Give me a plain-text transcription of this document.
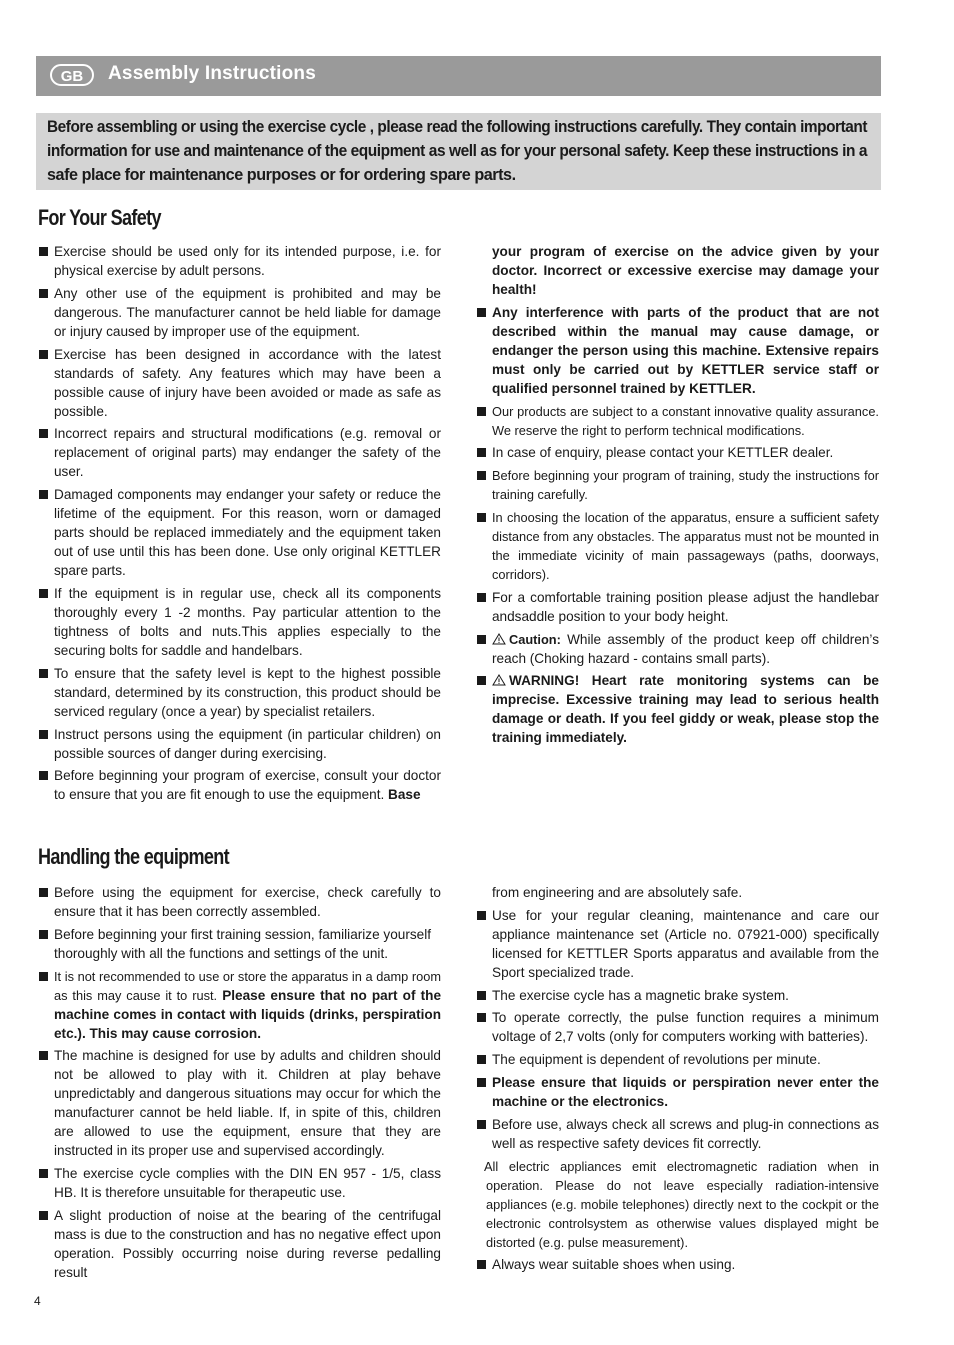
GB	Assembly Instructions
Before assembling or using the exercise cycle , please read the following instructions carefully. They contain important
information for use and maintenance of the equipment as well as for your personal safety. Keep these instructions in a
safe place for maintenance purposes or for ordering spare parts.
For Your Safety
Exercise should be used only for its intended purpose, i.e. for physical exercise by adult persons.
Any other use of the equipment is prohibited and may be dangerous. The manufacturer cannot be held liable for damage or injury caused by improper use of the equipment.
Exercise has been designed in accordance with the latest standards of safety. Any features which may have been a possible cause of injury have been avoided or made as safe as possible.
Incorrect repairs and structural modifications (e.g. removal or replacement of original parts) may endanger the safety of the user.
Damaged components may endanger your safety or reduce the lifetime of the equipment. For this reason, worn or damaged parts should be replaced immediately and the equipment taken out of use until this has been done. Use only original KETTLER spare parts.
If the equipment is in regular use, check all its components thoroughly every 1 -2 months. Pay particular attention to the tightness of bolts and nuts.This applies especially to the securing bolts for saddle and handelbars.
To ensure that the safety level is kept to the highest possible standard, determined by its construction, this product should be serviced regulary (once a year) by specialist retailers.
Instruct persons using the equipment (in particular children) on possible sources of danger during exercising.
Before beginning your program of exercise, consult your doctor to ensure that you are fit enough to use the equipment. Base
your program of exercise on the advice given by your doctor. Incorrect or excessive exercise may damage your health!
Any interference with parts of the product that are not described within the manual may cause damage, or endanger the person using this machine. Extensive repairs must only be carried out by KETTLER service staff or qualified personnel trained by KETTLER.
Our products are subject to a constant innovative quality assurance. We reserve the right to perform technical modifications.
In case of enquiry, please contact your KETTLER dealer.
Before beginning your program of training, study the instructions for training carefully.
In choosing the location of the apparatus, ensure a sufficient safety distance from any obstacles. The apparatus must not be mounted in the immediate vicinity of main passageways (paths, doorways, corridors).
For a comfortable training position please adjust the handlebar andsaddle position to your body height.
Caution: While assembly of the product keep off children’s reach (Choking hazard - contains small parts).
WARNING! Heart rate monitoring systems can be imprecise. Excessive training may lead to serious health damage or death. If you feel giddy or weak, please stop the training immediately.
Handling the equipment
Before using the equipment for exercise, check carefully to ensure that it has been correctly assembled.
Before beginning your first training session, familiarize yourself thoroughly with all the functions and settings of the unit.
It is not recommended to use or store the apparatus in a damp room as this may cause it to rust. Please ensure that no part of the machine comes in contact with liquids (drinks, perspiration etc.). This may cause corrosion.
The machine is designed for use by adults and children should not be allowed to play with it. Children at play behave unpredictably and dangerous situations may occur for which the manufacturer cannot be held liable. If, in spite of this, children are allowed to use the equipment, ensure that they are instructed in its proper use and supervised accordingly.
The exercise cycle complies with the DIN EN 957 - 1/5, class HB. It is therefore unsuitable for therapeutic use.
A slight production of noise at the bearing of the centrifugal mass is due to the construction and has no negative effect upon operation. Possibly occurring noise during reverse pedalling result
from engineering and are absolutely safe.
Use for your regular cleaning, maintenance and care our appliance maintenance set (Article no. 07921-000) specifically licensed for KETTLER Sports apparatus and available from the Sport specialized trade.
The exercise cycle has a magnetic brake system.
To operate correctly, the pulse function requires a minimum voltage of 2,7 volts (only for computers working with batteries).
The equipment is dependent of revolutions per minute.
Please ensure that liquids or perspiration never enter the machine or the electronics.
Before use, always check all screws and plug-in connections as well as respective safety devices fit correctly.
All electric appliances emit electromagnetic radiation when in operation. Please do not leave especially radiation-intensive appliances (e.g. mobile telephones) directly next to the cockpit or the electronic controlsystem as otherwise values displayed might be distorted (e.g. pulse measurement).
Always wear suitable shoes when using.
4
